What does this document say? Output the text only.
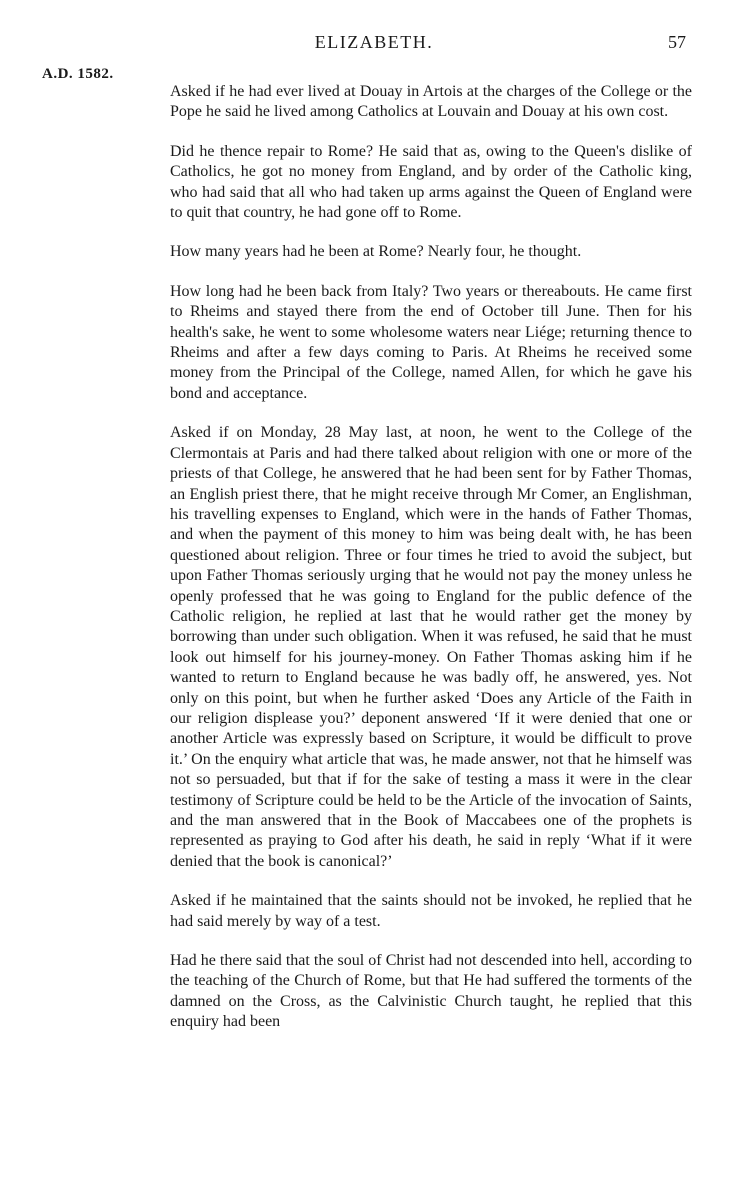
ELIZABETH.	57
A.D. 1582.

Asked if he had ever lived at Douay in Artois at the charges of the College or the Pope he said he lived among Catholics at Louvain and Douay at his own cost.

Did he thence repair to Rome? He said that as, owing to the Queen's dislike of Catholics, he got no money from England, and by order of the Catholic king, who had said that all who had taken up arms against the Queen of England were to quit that country, he had gone off to Rome.

How many years had he been at Rome? Nearly four, he thought.

How long had he been back from Italy? Two years or thereabouts. He came first to Rheims and stayed there from the end of October till June. Then for his health's sake, he went to some wholesome waters near Liége; returning thence to Rheims and after a few days coming to Paris. At Rheims he received some money from the Principal of the College, named Allen, for which he gave his bond and acceptance.

Asked if on Monday, 28 May last, at noon, he went to the College of the Clermontais at Paris and had there talked about religion with one or more of the priests of that College, he answered that he had been sent for by Father Thomas, an English priest there, that he might receive through Mr Comer, an Englishman, his travelling expenses to England, which were in the hands of Father Thomas, and when the payment of this money to him was being dealt with, he has been questioned about religion. Three or four times he tried to avoid the subject, but upon Father Thomas seriously urging that he would not pay the money unless he openly professed that he was going to England for the public defence of the Catholic religion, he replied at last that he would rather get the money by borrowing than under such obligation. When it was refused, he said that he must look out himself for his journey-money. On Father Thomas asking him if he wanted to return to England because he was badly off, he answered, yes. Not only on this point, but when he further asked ‘Does any Article of the Faith in our religion displease you?’ deponent answered ‘If it were denied that one or another Article was expressly based on Scripture, it would be difficult to prove it.’ On the enquiry what article that was, he made answer, not that he himself was not so persuaded, but that if for the sake of testing a mass it were in the clear testimony of Scripture could be held to be the Article of the invocation of Saints, and the man answered that in the Book of Maccabees one of the prophets is represented as praying to God after his death, he said in reply ‘What if it were denied that the book is canonical?’

Asked if he maintained that the saints should not be invoked, he replied that he had said merely by way of a test.

Had he there said that the soul of Christ had not descended into hell, according to the teaching of the Church of Rome, but that He had suffered the torments of the damned on the Cross, as the Calvinistic Church taught, he replied that this enquiry had been
